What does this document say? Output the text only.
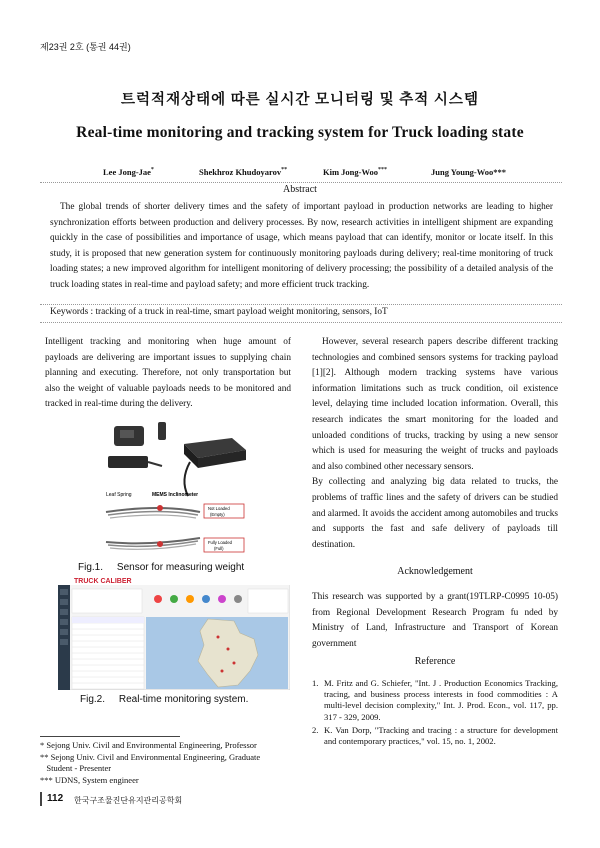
제23권 2호 (통권 44권)
트럭적재상태에 따른 실시간 모니터링 및 추적 시스템
Real-time monitoring and tracking system for Truck loading state
Lee Jong-Jae*	Shekhroz Khudoyarov**	Kim Jong-Woo***	Jung Young-Woo***
Abstract
The global trends of shorter delivery times and the safety of important payload in production networks are leading to higher synchronization efforts between production and delivery processes. By now, research activities in intelligent shipment are expanding quickly in the case of possibilities and importance of usage, which means payload that can identify, monitor or locate itself. In this study, it is proposed that new generation system for continuously monitoring payloads during delivery; real-time monitoring of truck loading states; a new improved algorithm for intelligent monitoring of delivery processing; the possibility of a detailed analysis of the truck loading states in real-time and payload safety; and more efficient truck tracking.
Keywords : tracking of a truck in real-time, smart payload weight monitoring, sensors, IoT
Intelligent tracking and monitoring when huge amount of payloads are delivering are important issues to supplying chain planning and executing. Therefore, not only transportation but also the weight of valuable payloads needs to be monitored and tracked in real-time during the delivery.
Leaf Spring	MEMS Inclinometer
Not Loaded
(Empty)
Fully Loaded
(Full)
Fig.1.     Sensor for measuring weight
TRUCK CALIBER
Fig.2.     Real-time monitoring system.

However, several research papers describe different tracking technologies and combined sensors systems for tracking payload [1][2]. Although modern tracking systems have various information limitations such as truck condition, oil existence level, delaying time included location information. Overall, this research indicates the smart monitoring for the loaded and unloaded conditions of trucks, tracking by using a new sensor which is used for measuring the weight of trucks and payloads and also combined other necessary sensors.

By collecting and analyzing big data related to trucks, the problems of traffic lines and the safety of drivers can be studied and alarmed. It avoids the accident among automobiles and trucks and supports the fast and safe delivery of payloads till destination.

Acknowledgement
This research was supported by a grant(19TLRP-C0995 10-05) from Regional Development Research Program fu nded by Ministry of Land, Infrastructure and Transport of Korean government
Reference
1. M. Fritz and G. Schiefer, "Int. J . Production Economics Tracking, tracing, and business process interests in food commodities : A multi-level decision complexity," Int. J. Prod. Econ., vol. 117, pp. 317 - 329, 2009.
2. K. Van Dorp, "Tracking and tracing : a structure for development and contemporary practices," vol. 15, no. 1, 2002.
* Sejong Univ. Civil and Environmental Engineering, Professor
** Sejong Univ. Civil and Environmental Engineering, Graduate
Student - Presenter
*** UDNS, System engineer
112 한국구조물진단유지관리공학회
